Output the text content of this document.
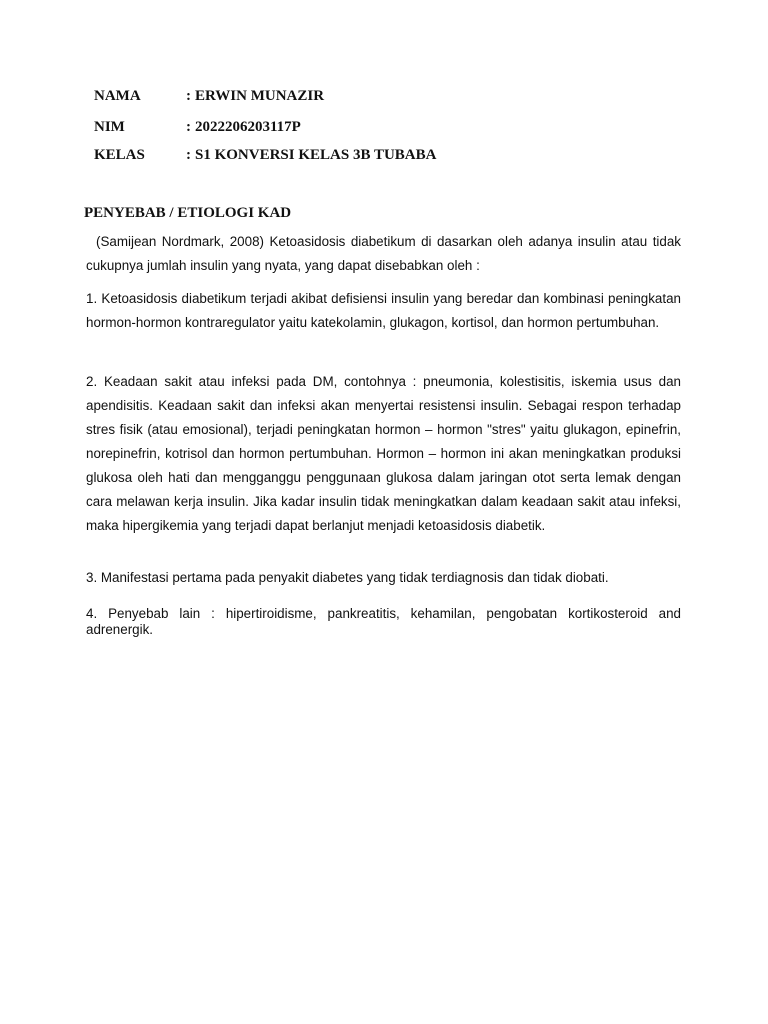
NAMA	: ERWIN MUNAZIR
NIM	: 2022206203117P
KELAS	: S1 KONVERSI KELAS 3B TUBABA
PENYEBAB / ETIOLOGI KAD

(Samijean Nordmark, 2008) Ketoasidosis diabetikum di dasarkan oleh adanya insulin atau tidak cukupnya jumlah insulin yang nyata, yang dapat disebabkan oleh :

1. Ketoasidosis diabetikum terjadi akibat defisiensi insulin yang beredar dan kombinasi peningkatan hormon-hormon kontraregulator yaitu katekolamin, glukagon, kortisol, dan hormon pertumbuhan.

2. Keadaan sakit atau infeksi pada DM, contohnya : pneumonia, kolestisitis, iskemia usus dan apendisitis. Keadaan sakit dan infeksi akan menyertai resistensi insulin. Sebagai respon terhadap stres fisik (atau emosional), terjadi peningkatan hormon – hormon "stres" yaitu glukagon, epinefrin, norepinefrin, kotrisol dan hormon pertumbuhan. Hormon – hormon ini akan meningkatkan produksi glukosa oleh hati dan mengganggu penggunaan glukosa dalam jaringan otot serta lemak dengan cara melawan kerja insulin. Jika kadar insulin tidak meningkatkan dalam keadaan sakit atau infeksi, maka hipergikemia yang terjadi dapat berlanjut menjadi ketoasidosis diabetik.

3. Manifestasi pertama pada penyakit diabetes yang tidak terdiagnosis dan tidak diobati.

4. Penyebab lain : hipertiroidisme, pankreatitis, kehamilan, pengobatan kortikosteroid and adrenergik.
